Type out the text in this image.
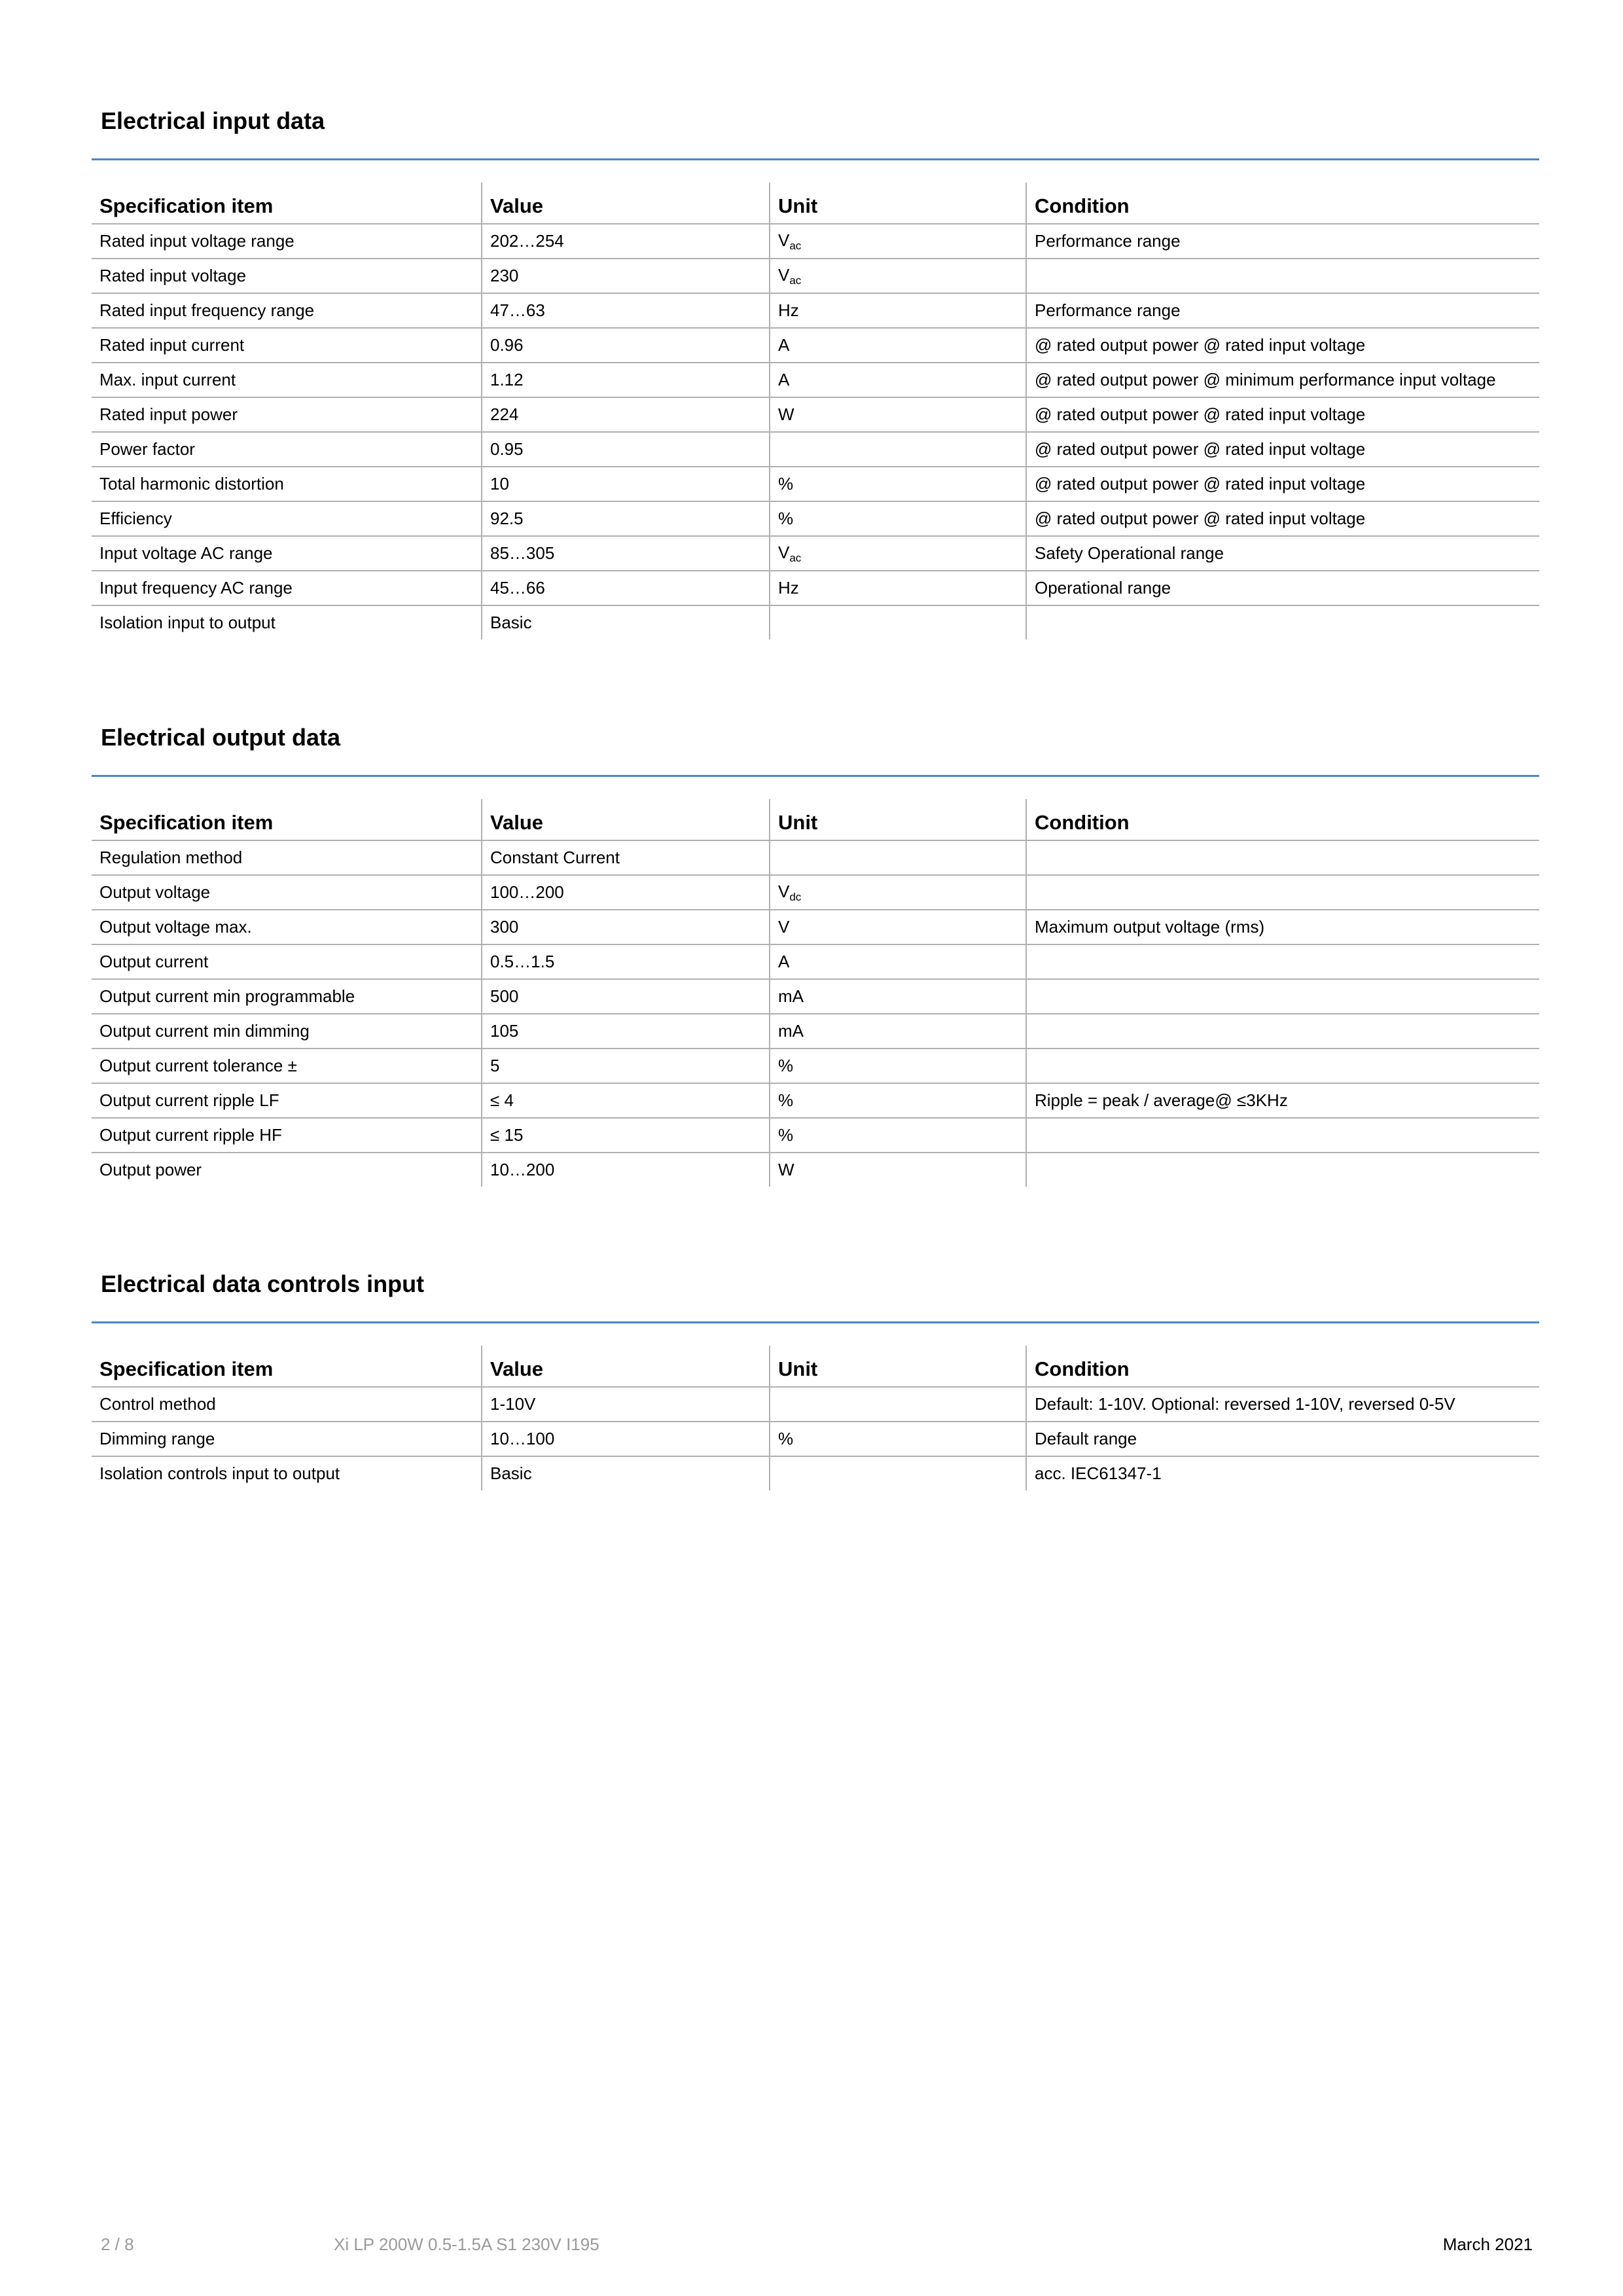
Electrical input data
Specification item	Value	Unit	Condition
Rated input voltage range	202…254	$V_{ac}$	Performance range
Rated input voltage	230	$V_{ac}$	
Rated input frequency range	47…63	Hz	Performance range
Rated input current	0.96	A	@ rated output power @ rated input voltage
Max. input current	1.12	A	@ rated output power @ minimum performance input voltage
Rated input power	224	W	@ rated output power @ rated input voltage
Power factor	0.95		@ rated output power @ rated input voltage
Total harmonic distortion	10	%	@ rated output power @ rated input voltage
Efficiency	92.5	%	@ rated output power @ rated input voltage
Input voltage AC range	85…305	$V_{ac}$	Safety Operational range
Input frequency AC range	45…66	Hz	Operational range
Isolation input to output	Basic		
Electrical output data
Specification item	Value	Unit	Condition
Regulation method	Constant Current		
Output voltage	100…200	$V_{dc}$	
Output voltage max.	300	V	Maximum output voltage (rms)
Output current	0.5…1.5	A	
Output current min programmable	500	mA	
Output current min dimming	105	mA	
Output current tolerance ±	5	%	
Output current ripple LF	≤ 4	%	Ripple = peak / average@ ≤3KHz
Output current ripple HF	≤ 15	%	
Output power	10…200	W	
Electrical data controls input
Specification item	Value	Unit	Condition
Control method	1-10V		Default: 1-10V. Optional: reversed 1-10V, reversed 0-5V
Dimming range	10…100	%	Default range
Isolation controls input to output	Basic		acc. IEC61347-1
2 / 8	Xi LP 200W 0.5-1.5A S1 230V I195	March 2021
